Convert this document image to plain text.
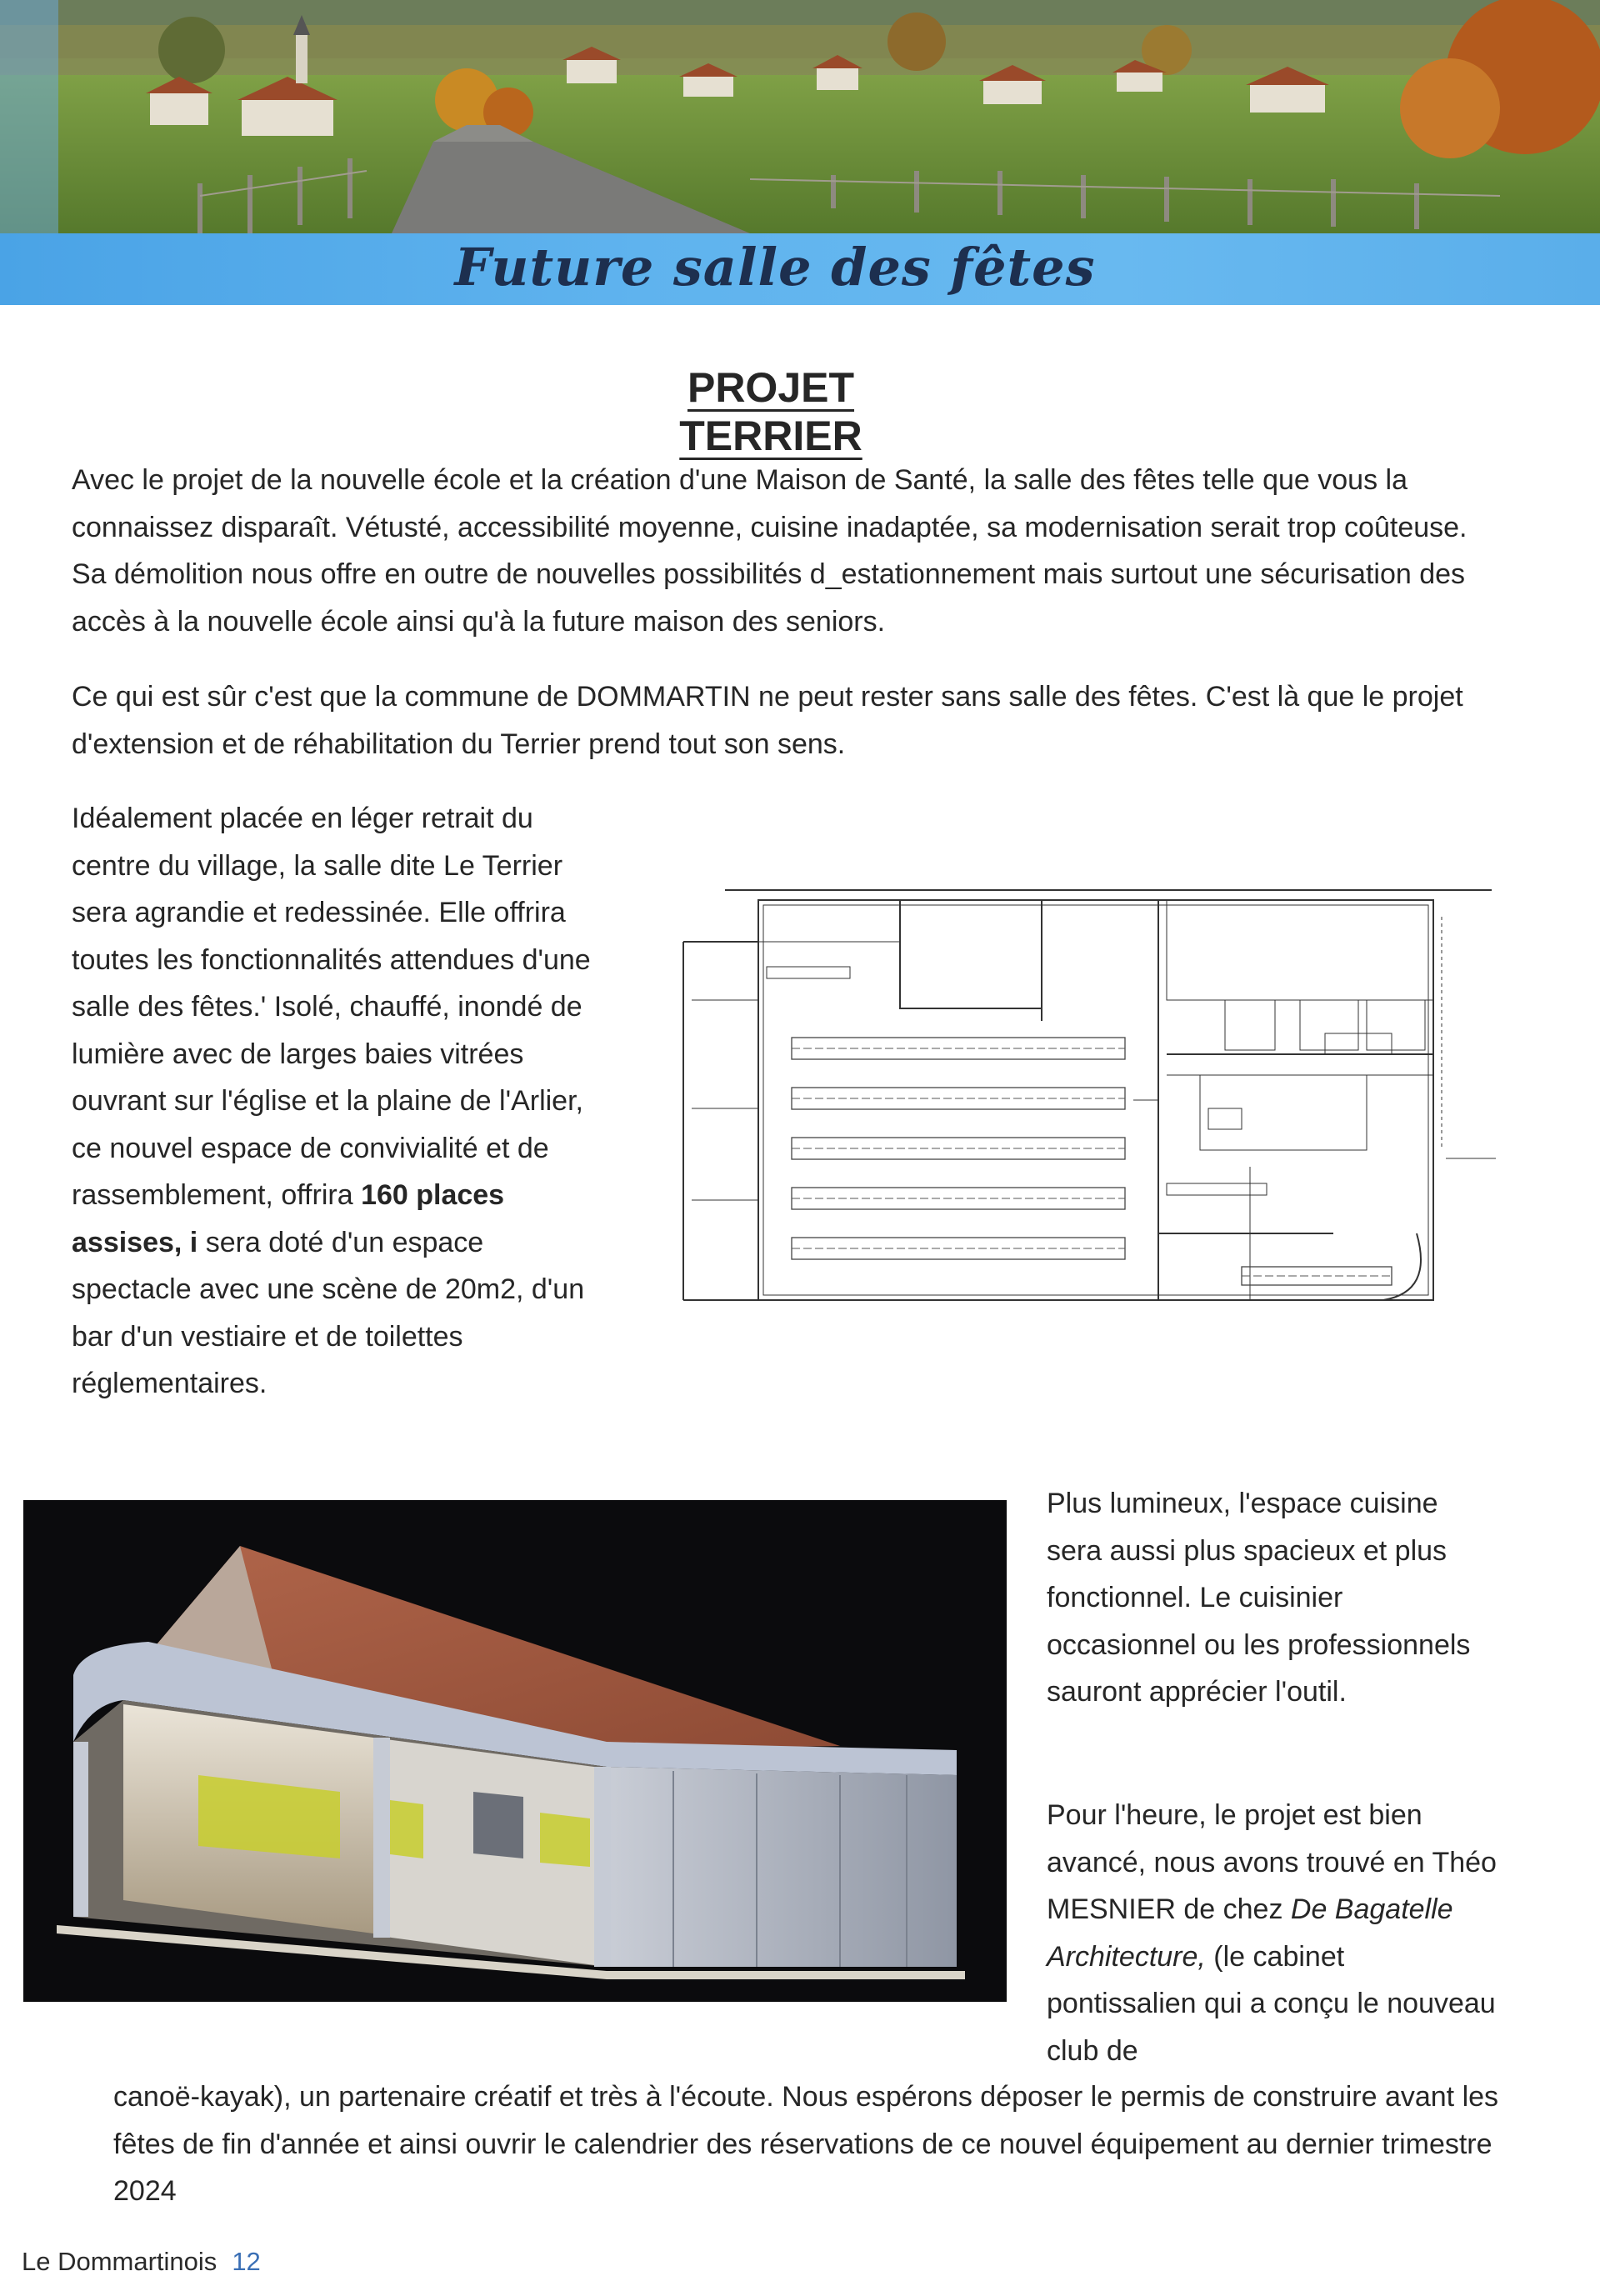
Future salle des fêtes
PROJET TERRIER

Avec le projet de la nouvelle école et la création d'une Maison de Santé, la salle des fêtes telle que vous la connaissez disparaît. Vétusté, accessibilité moyenne, cuisine inadaptée, sa modernisation serait trop coûteuse. Sa démolition nous offre en outre de nouvelles possibilités d_estationnement mais surtout une sécurisation des accès à la nouvelle école ainsi qu'à la future maison des seniors.

Ce qui est sûr c'est que la commune de DOMMARTIN ne peut rester sans salle des fêtes. C'est là que le projet d'extension et de réhabilitation du Terrier prend tout son sens.

Idéalement placée en léger retrait du centre du village, la salle dite Le Terrier sera agrandie et redessinée. Elle offrira toutes les fonctionnalités attendues d'une salle des fêtes.' Isolé, chauffé, inondé de lumière avec de larges baies vitrées ouvrant sur l'église et la plaine de l'Arlier, ce nouvel espace de convivialité et de rassemblement, offrira 160 places assises, i sera doté d'un espace spectacle avec une scène de 20m2, d'un bar d'un vestiaire et de toilettes réglementaires.

Plus lumineux, l'espace cuisine sera aussi plus spacieux et plus fonctionnel. Le cuisinier occasionnel ou les professionnels sauront apprécier l'outil.

Pour l'heure, le projet est bien avancé, nous avons trouvé en Théo MESNIER de chez De Bagatelle Architecture, (le cabinet pontissalien qui a conçu le nouveau club de

canoë-kayak), un partenaire créatif et très à l'écoute. Nous espérons déposer le permis de construire avant les fêtes de fin d'année et ainsi ouvrir le calendrier des réservations de ce nouvel équipement au dernier trimestre 2024

Le Dommartinois 12
